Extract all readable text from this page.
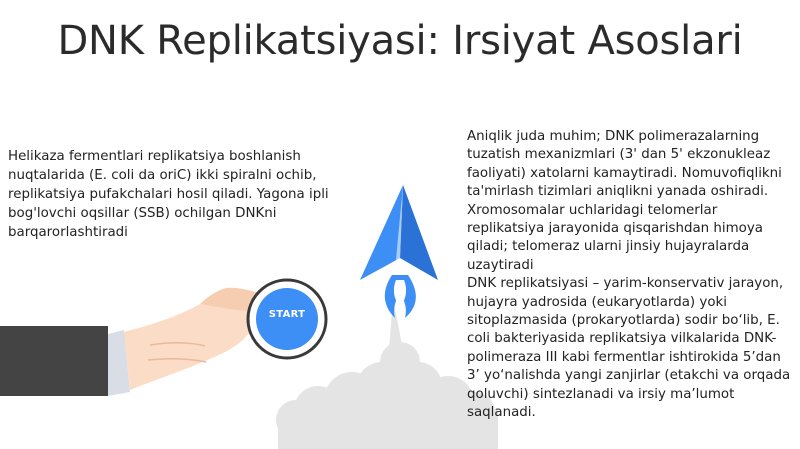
DNK Replikatsiyasi: Irsiyat Asoslari
Helikaza fermentlari replikatsiya boshlanish nuqtalarida (E. coli da oriC) ikki spiralni ochib, replikatsiya pufakchalari hosil qiladi. Yagona ipli bog'lovchi oqsillar (SSB) ochilgan DNKni barqarorlashtiradi
START

Aniqlik juda muhim; DNK polimerazalarning tuzatish mexanizmlari (3' dan 5' ekzonukleaz faoliyati) xatolarni kamaytiradi. Nomuvofiqlikni ta'mirlash tizimlari aniqlikni yanada oshiradi. Xromosomalar uchlaridagi telomerlar replikatsiya jarayonida qisqarishdan himoya qiladi; telomeraz ularni jinsiy hujayralarda uzaytiradi

DNK replikatsiyasi – yarim-konservativ jarayon, hujayra yadrosida (eukaryotlarda) yoki sitoplazmasida (prokaryotlarda) sodir bo‘lib, E. coli bakteriyasida replikatsiya vilkalarida DNK-polimeraza III kabi fermentlar ishtirokida 5’dan 3’ yo‘nalishda yangi zanjirlar (etakchi va orqada qoluvchi) sintezlanadi va irsiy ma’lumot saqlanadi.
